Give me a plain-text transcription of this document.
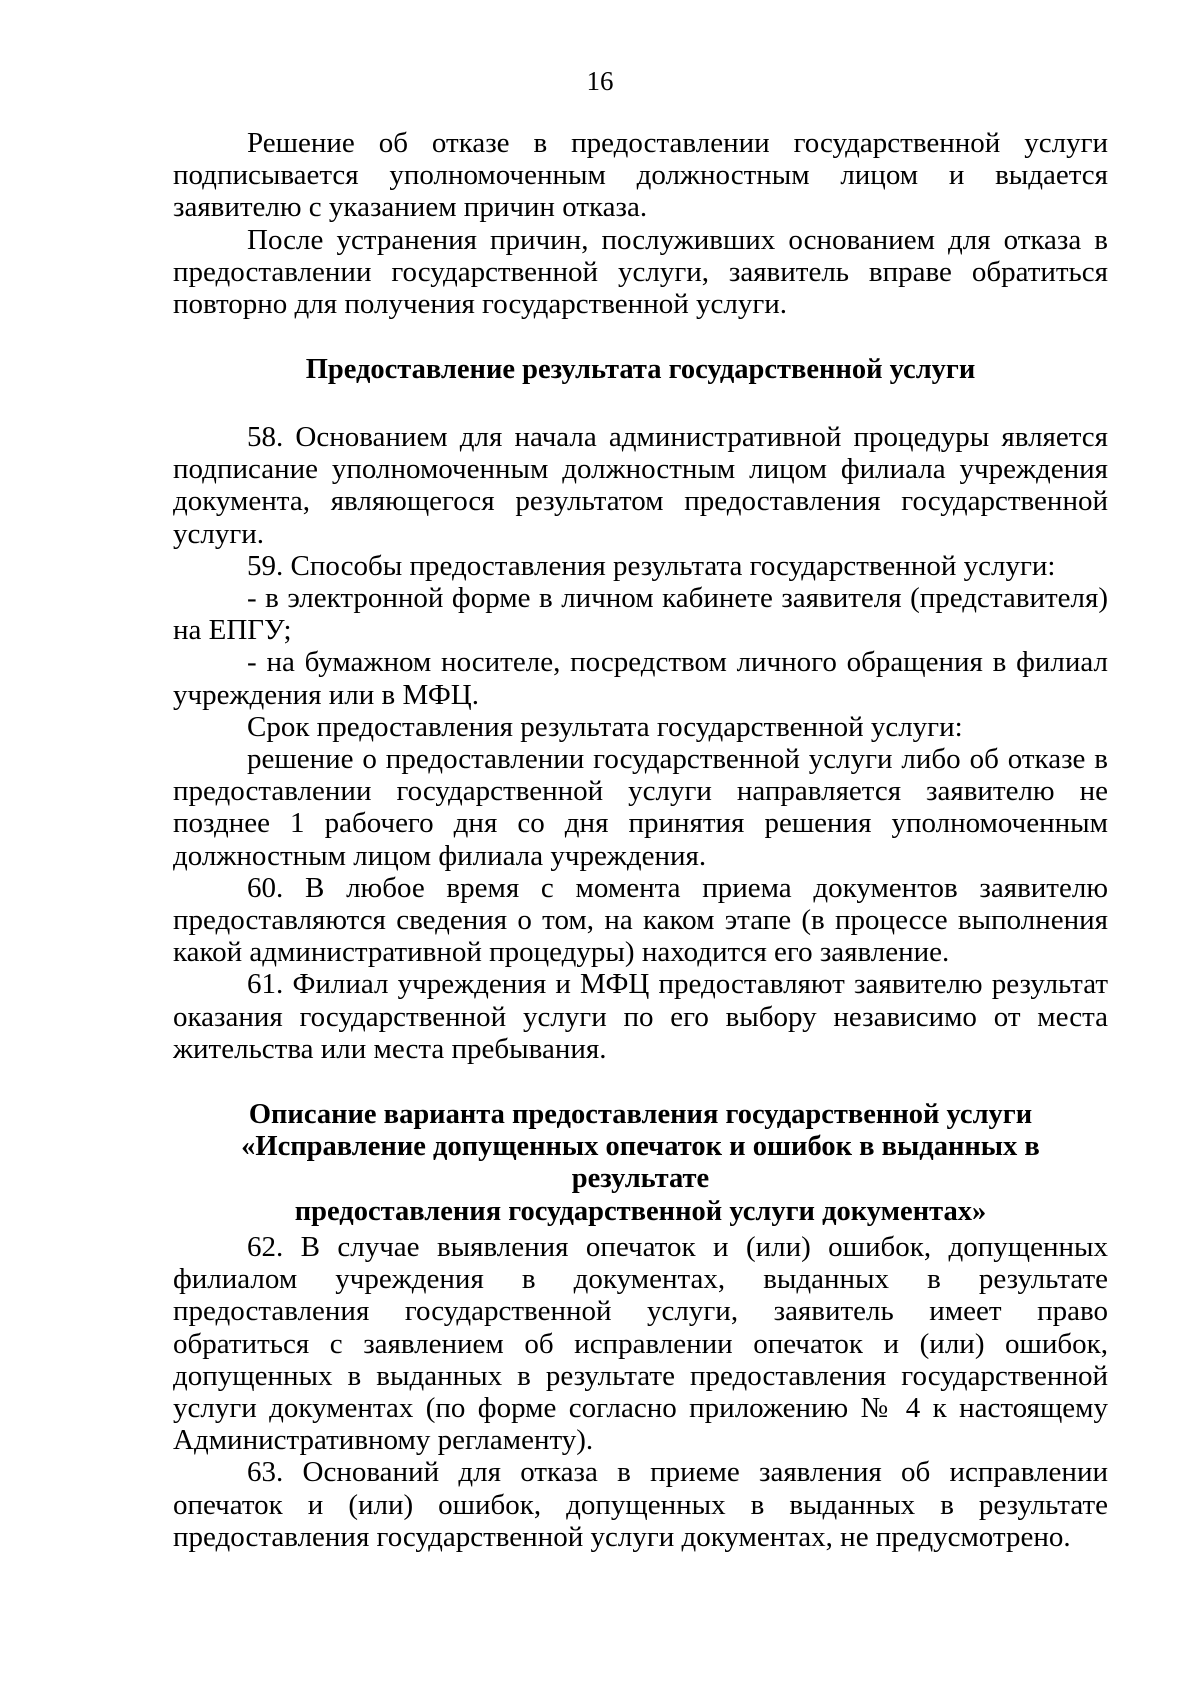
16

Решение об отказе в предоставлении государственной услуги подписывается уполномоченным должностным лицом и выдается заявителю с указанием причин отказа.

После устранения причин, послуживших основанием для отказа в предоставлении государственной услуги, заявитель вправе обратиться повторно для получения государственной услуги.

Предоставление результата государственной услуги

58. Основанием для начала административной процедуры является подписание уполномоченным должностным лицом филиала учреждения документа, являющегося результатом предоставления государственной услуги.

59. Способы предоставления результата государственной услуги:

- в электронной форме в личном кабинете заявителя (представителя) на ЕПГУ;

- на бумажном носителе, посредством личного обращения в филиал учреждения или в МФЦ.

Срок предоставления результата государственной услуги:

решение о предоставлении государственной услуги либо об отказе в предоставлении государственной услуги направляется заявителю не позднее 1 рабочего дня со дня принятия решения уполномоченным должностным лицом филиала учреждения.

60. В любое время с момента приема документов заявителю предоставляются сведения о том, на каком этапе (в процессе выполнения какой административной процедуры) находится его заявление.

61. Филиал учреждения и МФЦ предоставляют заявителю результат оказания государственной услуги по его выбору независимо от места жительства или места пребывания.

Описание варианта предоставления государственной услуги

«Исправление допущенных опечаток и ошибок в выданных в результате

предоставления государственной услуги документах»

62. В случае выявления опечаток и (или) ошибок, допущенных филиалом учреждения в документах, выданных в результате предоставления государственной услуги, заявитель имеет право обратиться с заявлением об исправлении опечаток и (или) ошибок, допущенных в выданных в результате предоставления государственной услуги документах (по форме согласно приложению № 4 к настоящему Административному регламенту).

63. Оснований для отказа в приеме заявления об исправлении опечаток и (или) ошибок, допущенных в выданных в результате предоставления государственной услуги документах, не предусмотрено.
